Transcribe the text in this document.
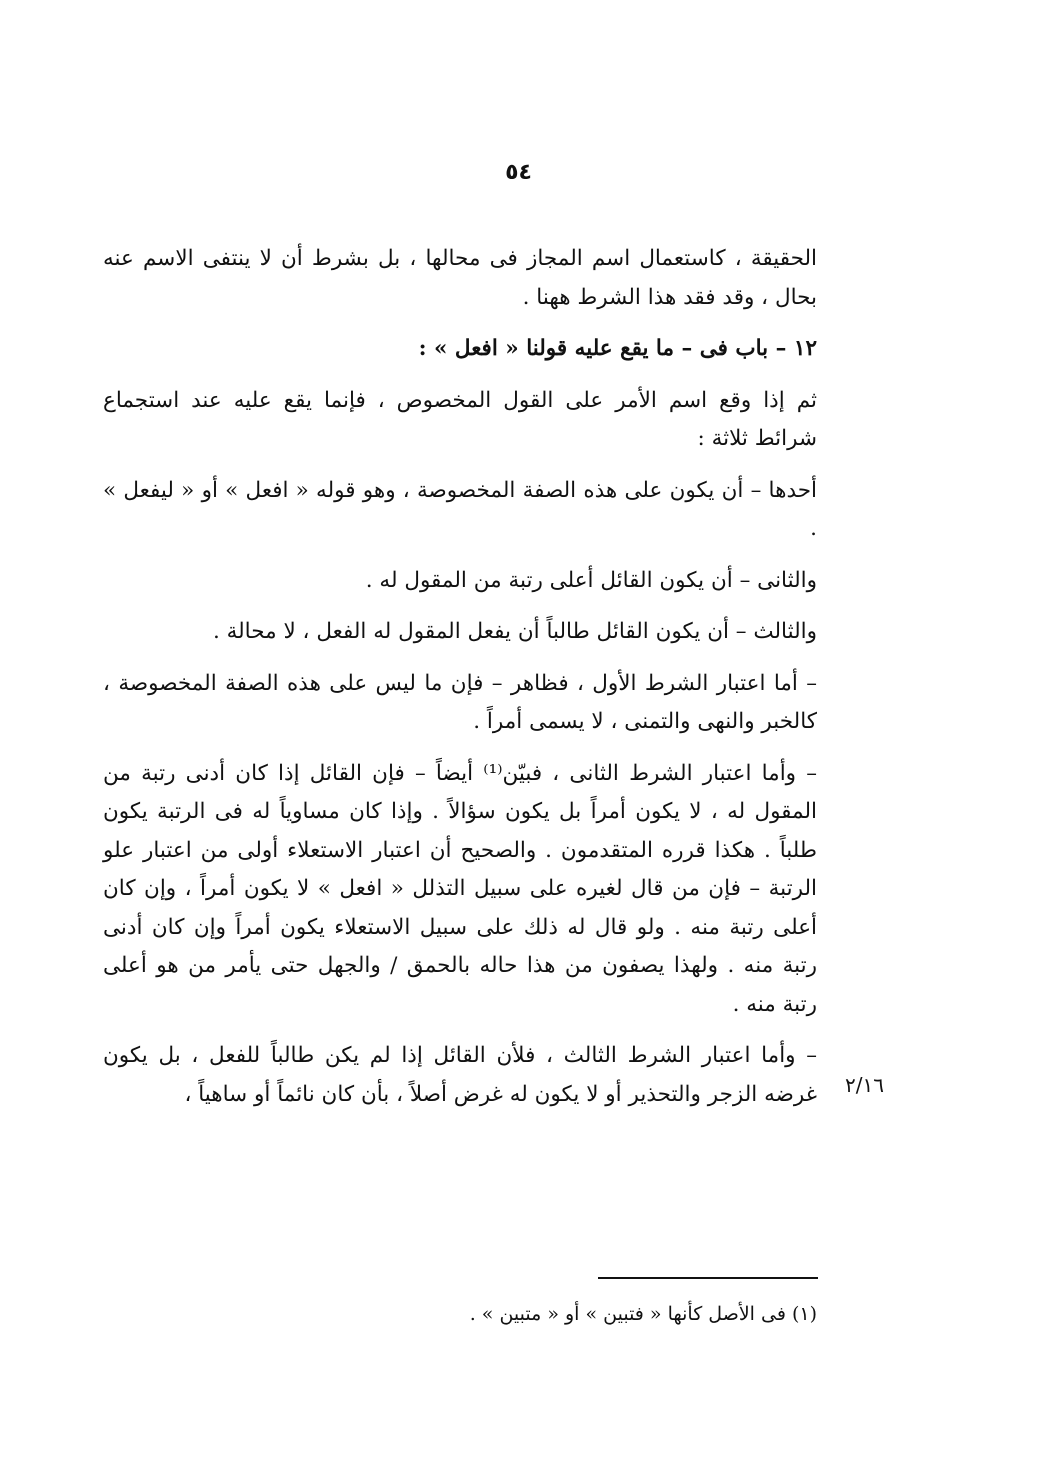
٥٤

الحقيقة ، كاستعمال اسم المجاز فى محالها ، بل بشرط أن لا ينتفى الاسم عنه بحال ، وقد فقد هذا الشرط ههنا .

١٢ – باب فى – ما يقع عليه قولنا « افعل » :

ثم إذا وقع اسم الأمر على القول المخصوص ، فإنما يقع عليه عند استجماع شرائط ثلاثة :

أحدها – أن يكون على هذه الصفة المخصوصة ، وهو قوله « افعل » أو « ليفعل » .

والثانى – أن يكون القائل أعلى رتبة من المقول له .

والثالث – أن يكون القائل طالباً أن يفعل المقول له الفعل ، لا محالة .

– أما اعتبار الشرط الأول ، فظاهر – فإن ما ليس على هذه الصفة المخصوصة ، كالخبر والنهى والتمنى ، لا يسمى أمراً .

– وأما اعتبار الشرط الثانى ، فبيّن⁽¹⁾ أيضاً – فإن القائل إذا كان أدنى رتبة من المقول له ، لا يكون أمراً بل يكون سؤالاً . وإذا كان مساوياً له فى الرتبة يكون طلباً . هكذا قرره المتقدمون . والصحيح أن اعتبار الاستعلاء أولى من اعتبار علو الرتبة – فإن من قال لغيره على سبيل التذلل « افعل » لا يكون أمراً ، وإن كان أعلى رتبة منه . ولو قال له ذلك على سبيل الاستعلاء يكون أمراً وإن كان أدنى رتبة منه . ولهذا يصفون من هذا حاله بالحمق / والجهل حتى يأمر من هو أعلى رتبة منه .

– وأما اعتبار الشرط الثالث ، فلأن القائل إذا لم يكن طالباً للفعل ، بل يكون غرضه الزجر والتحذير أو لا يكون له غرض أصلاً ، بأن كان نائماً أو ساهياً ، ٢/١٦
(١) فى الأصل كأنها « فتبين » أو « متبين » .
